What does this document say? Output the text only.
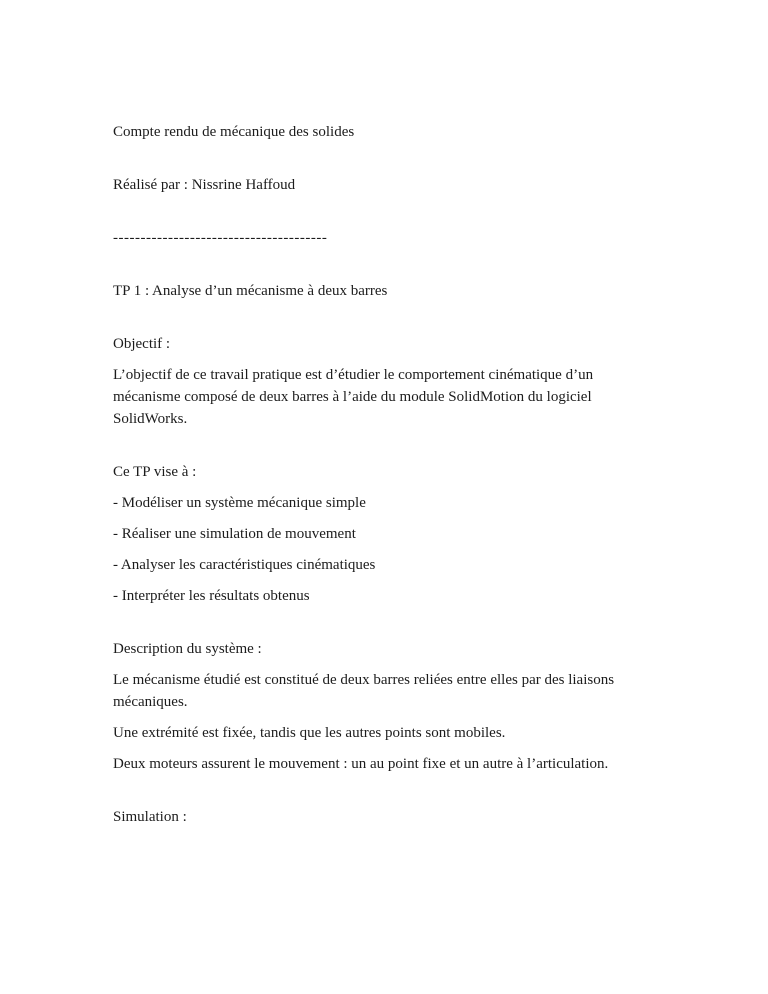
Compte rendu de mécanique des solides

Réalisé par : Nissrine Haffoud

---------------------------------------

TP 1 : Analyse d’un mécanisme à deux barres

Objectif :

L’objectif de ce travail pratique est d’étudier le comportement cinématique d’un mécanisme composé de deux barres à l’aide du module SolidMotion du logiciel SolidWorks.

Ce TP vise à :

- Modéliser un système mécanique simple

- Réaliser une simulation de mouvement

- Analyser les caractéristiques cinématiques

- Interpréter les résultats obtenus

Description du système :

Le mécanisme étudié est constitué de deux barres reliées entre elles par des liaisons mécaniques.

Une extrémité est fixée, tandis que les autres points sont mobiles.

Deux moteurs assurent le mouvement : un au point fixe et un autre à l’articulation.

Simulation :
